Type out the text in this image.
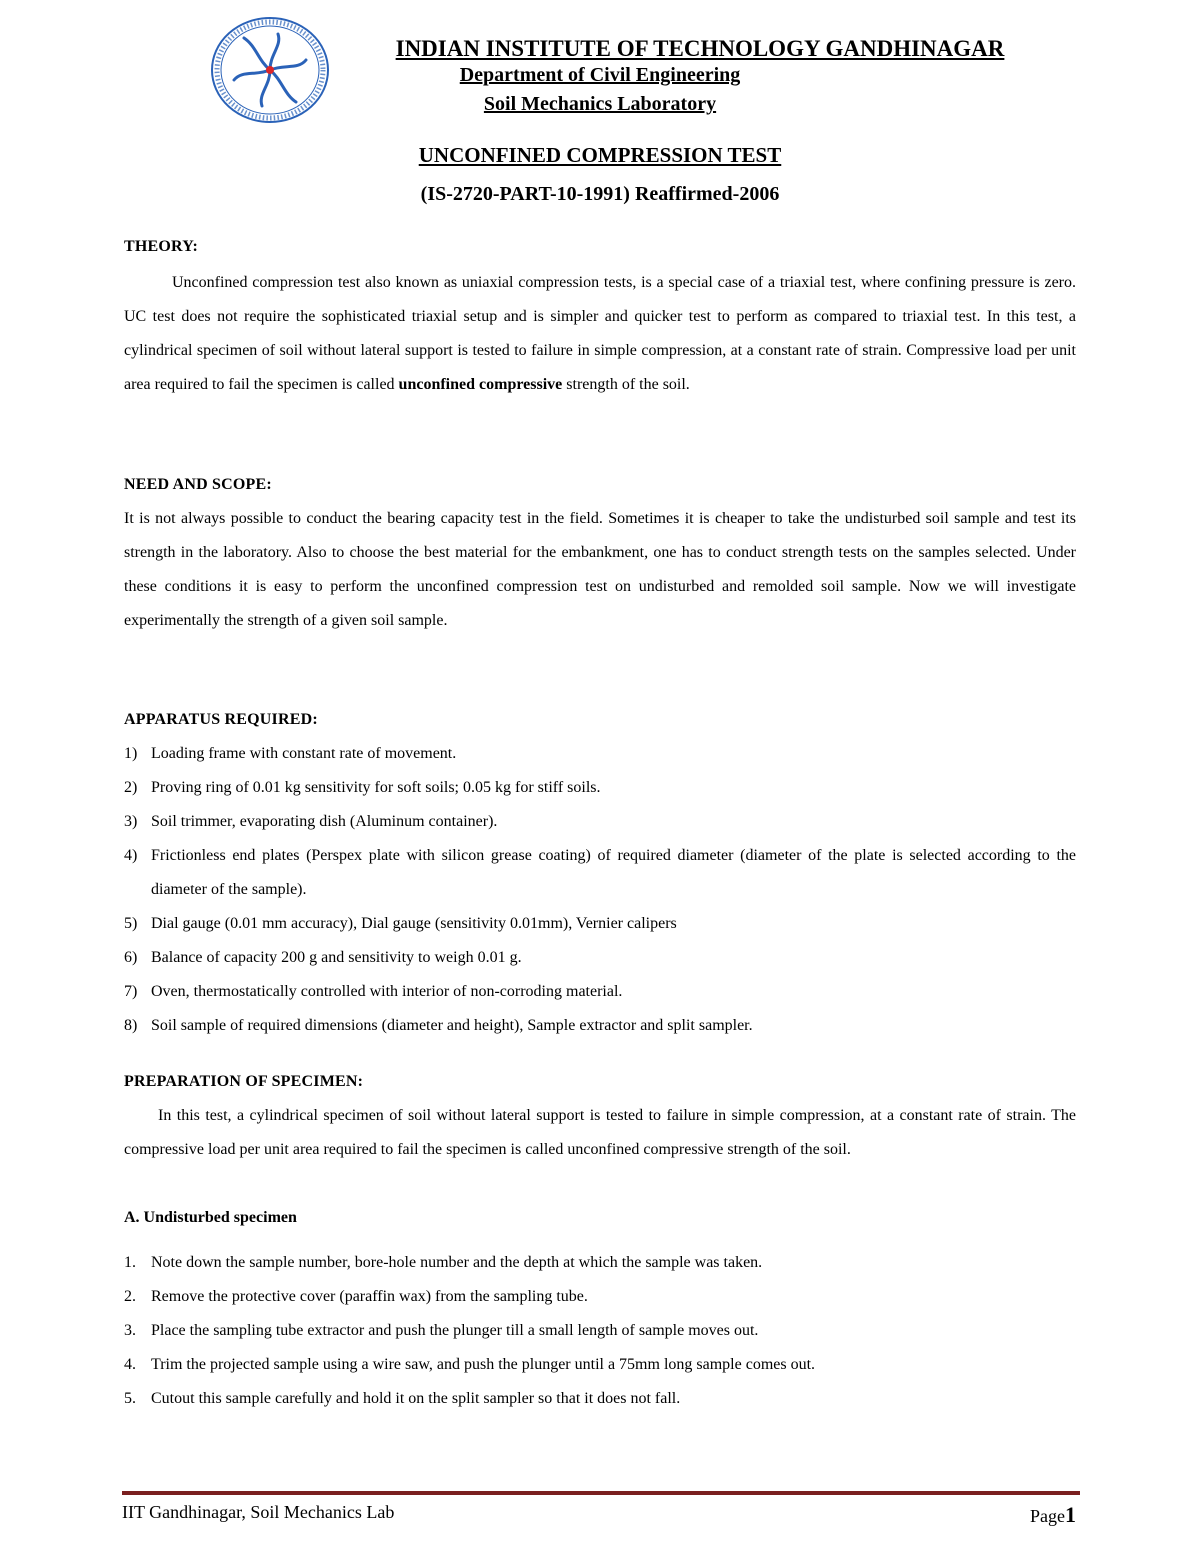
INDIAN INSTITUTE OF TECHNOLOGY GANDHINAGAR
Department of Civil Engineering
Soil Mechanics Laboratory
UNCONFINED COMPRESSION TEST
(IS-2720-PART-10-1991) Reaffirmed-2006
THEORY:

Unconfined compression test also known as uniaxial compression tests, is a special case of a triaxial test, where confining pressure is zero. UC test does not require the sophisticated triaxial setup and is simpler and quicker test to perform as compared to triaxial test. In this test, a cylindrical specimen of soil without lateral support is tested to failure in simple compression, at a constant rate of strain. Compressive load per unit area required to fail the specimen is called unconfined compressive strength of the soil.

NEED AND SCOPE:

It is not always possible to conduct the bearing capacity test in the field. Sometimes it is cheaper to take the undisturbed soil sample and test its strength in the laboratory. Also to choose the best material for the embankment, one has to conduct strength tests on the samples selected. Under these conditions it is easy to perform the unconfined compression test on undisturbed and remolded soil sample. Now we will investigate experimentally the strength of a given soil sample.

APPARATUS REQUIRED:
1) Loading frame with constant rate of movement.
2) Proving ring of 0.01 kg sensitivity for soft soils; 0.05 kg for stiff soils.
3) Soil trimmer, evaporating dish (Aluminum container).
4) Frictionless end plates (Perspex plate with silicon grease coating) of required diameter (diameter of the plate is selected according to the diameter of the sample).
5) Dial gauge (0.01 mm accuracy), Dial gauge (sensitivity 0.01mm), Vernier calipers
6) Balance of capacity 200 g and sensitivity to weigh 0.01 g.
7) Oven, thermostatically controlled with interior of non-corroding material.
8) Soil sample of required dimensions (diameter and height), Sample extractor and split sampler.
PREPARATION OF SPECIMEN:

In this test, a cylindrical specimen of soil without lateral support is tested to failure in simple compression, at a constant rate of strain. The compressive load per unit area required to fail the specimen is called unconfined compressive strength of the soil.

A. Undisturbed specimen
1. Note down the sample number, bore-hole number and the depth at which the sample was taken.
2. Remove the protective cover (paraffin wax) from the sampling tube.
3. Place the sampling tube extractor and push the plunger till a small length of sample moves out.
4. Trim the projected sample using a wire saw, and push the plunger until a 75mm long sample comes out.
5. Cutout this sample carefully and hold it on the split sampler so that it does not fall.
IIT Gandhinagar, Soil Mechanics Lab	Page1
